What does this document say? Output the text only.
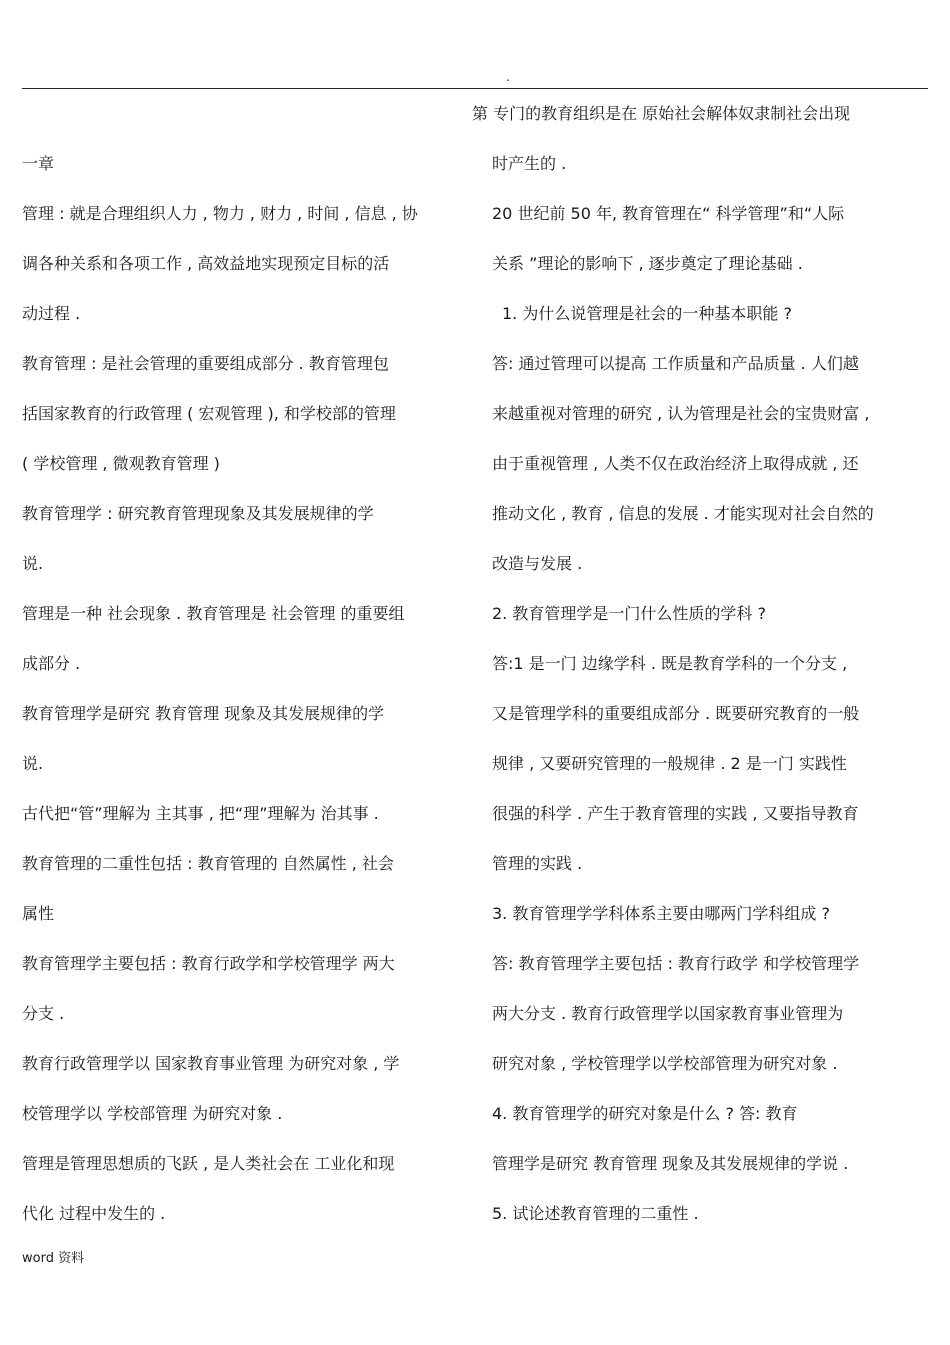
.
一章
管理 : 就是合理组织人力 , 物力 , 财力 , 时间 , 信息 , 协
调各种关系和各项工作 , 高效益地实现预定目标的活
动过程 .
教育管理 : 是社会管理的重要组成部分 . 教育管理包
括国家教育的行政管理 ( 宏观管理 ), 和学校部的管理
( 学校管理 , 微观教育管理 )
教育管理学 : 研究教育管理现象及其发展规律的学
说.
管理是一种 社会现象 . 教育管理是 社会管理 的重要组
成部分 .
教育管理学是研究 教育管理 现象及其发展规律的学
说.
古代把“管”理解为 主其事 , 把“理”理解为 治其事 .
教育管理的二重性包括 : 教育管理的 自然属性 , 社会
属性
教育管理学主要包括 : 教育行政学和学校管理学 两大
分支 .
教育行政管理学以 国家教育事业管理 为研究对象 , 学
校管理学以 学校部管理 为研究对象 .
管理是管理思想质的飞跃 , 是人类社会在 工业化和现
代化 过程中发生的 .
第 专门的教育组织是在 原始社会解体奴隶制社会出现
时产生的 .
20 世纪前 50 年, 教育管理在“ 科学管理”和“人际
关系 ”理论的影响下 , 逐步奠定了理论基础 .
1. 为什么说管理是社会的一种基本职能 ?
答: 通过管理可以提高 工作质量和产品质量 . 人们越
来越重视对管理的研究 , 认为管理是社会的宝贵财富 ,
由于重视管理 , 人类不仅在政治经济上取得成就 , 还
推动文化 , 教育 , 信息的发展 . 才能实现对社会自然的
改造与发展 .
2. 教育管理学是一门什么性质的学科 ?
答:1 是一门 边缘学科 . 既是教育学科的一个分支 ,
又是管理学科的重要组成部分 . 既要研究教育的一般
规律 , 又要研究管理的一般规律 . 2 是一门 实践性
很强的科学 . 产生于教育管理的实践 , 又要指导教育
管理的实践 .
3. 教育管理学学科体系主要由哪两门学科组成 ?
答: 教育管理学主要包括 : 教育行政学 和学校管理学
两大分支 . 教育行政管理学以国家教育事业管理为
研究对象 , 学校管理学以学校部管理为研究对象 .
4. 教育管理学的研究对象是什么 ? 答: 教育
管理学是研究 教育管理 现象及其发展规律的学说 .
5. 试论述教育管理的二重性 .
word 资料
